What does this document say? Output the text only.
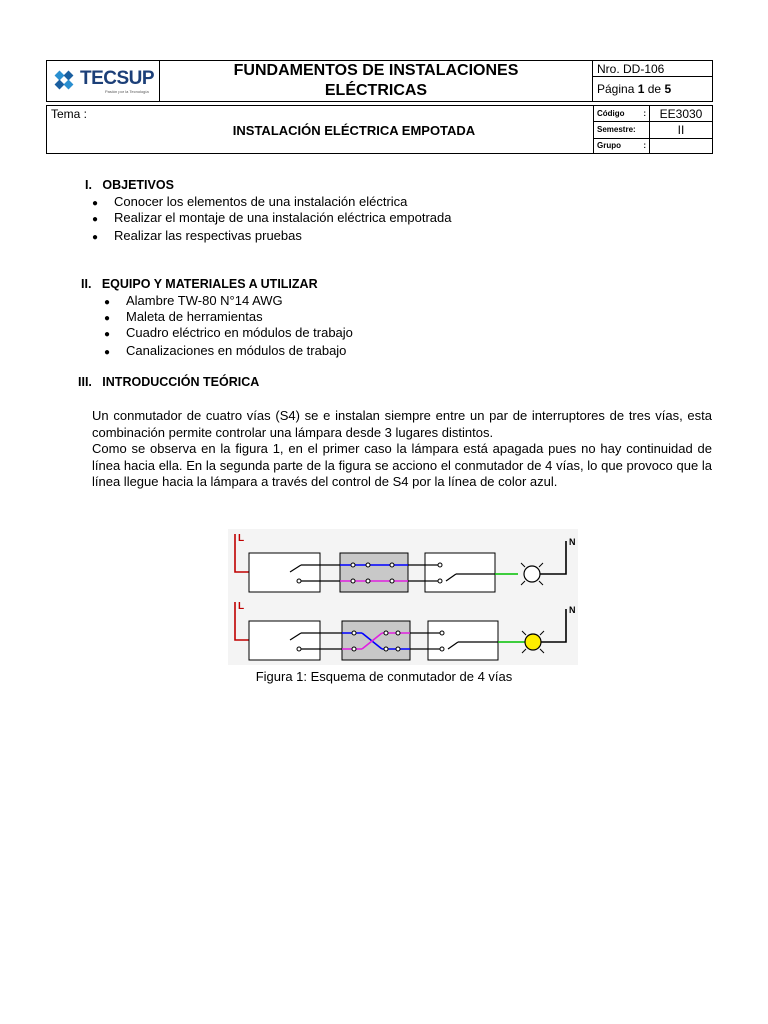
TECSUP
Pasión por la Tecnología

FUNDAMENTOS DE INSTALACIONES
ELÉCTRICAS
	Nro. DD-106
Página 1 de 5
Tema :
INSTALACIÓN ELÉCTRICA EMPOTADA	Código :	EE3030
	Semestre:	II
	Grupo :	

I.   OBJETIVOS
● Conocer los elementos de una instalación eléctrica
● Realizar el montaje de una instalación eléctrica empotrada
● Realizar las respectivas pruebas
II.   EQUIPO Y MATERIALES A UTILIZAR
● Alambre TW-80 N°14 AWG
● Maleta de herramientas
● Cuadro eléctrico en módulos de trabajo
● Canalizaciones en módulos de trabajo
III.   INTRODUCCIÓN TEÓRICA
Un conmutador de cuatro vías (S4) se e instalan siempre entre un par de interruptores de tres vías, esta combinación permite controlar una lámpara desde 3 lugares distintos.
Como se observa en la figura 1, en el primer caso la lámpara está apagada pues no hay continuidad de línea hacia ella. En la segunda parte de la figura se acciono el conmutador de 4 vías, lo que provoco que la línea llegue hacia la lámpara a través del control de S4 por la línea de color azul.
L	N
L	N
Figura 1: Esquema de conmutador de 4 vías
